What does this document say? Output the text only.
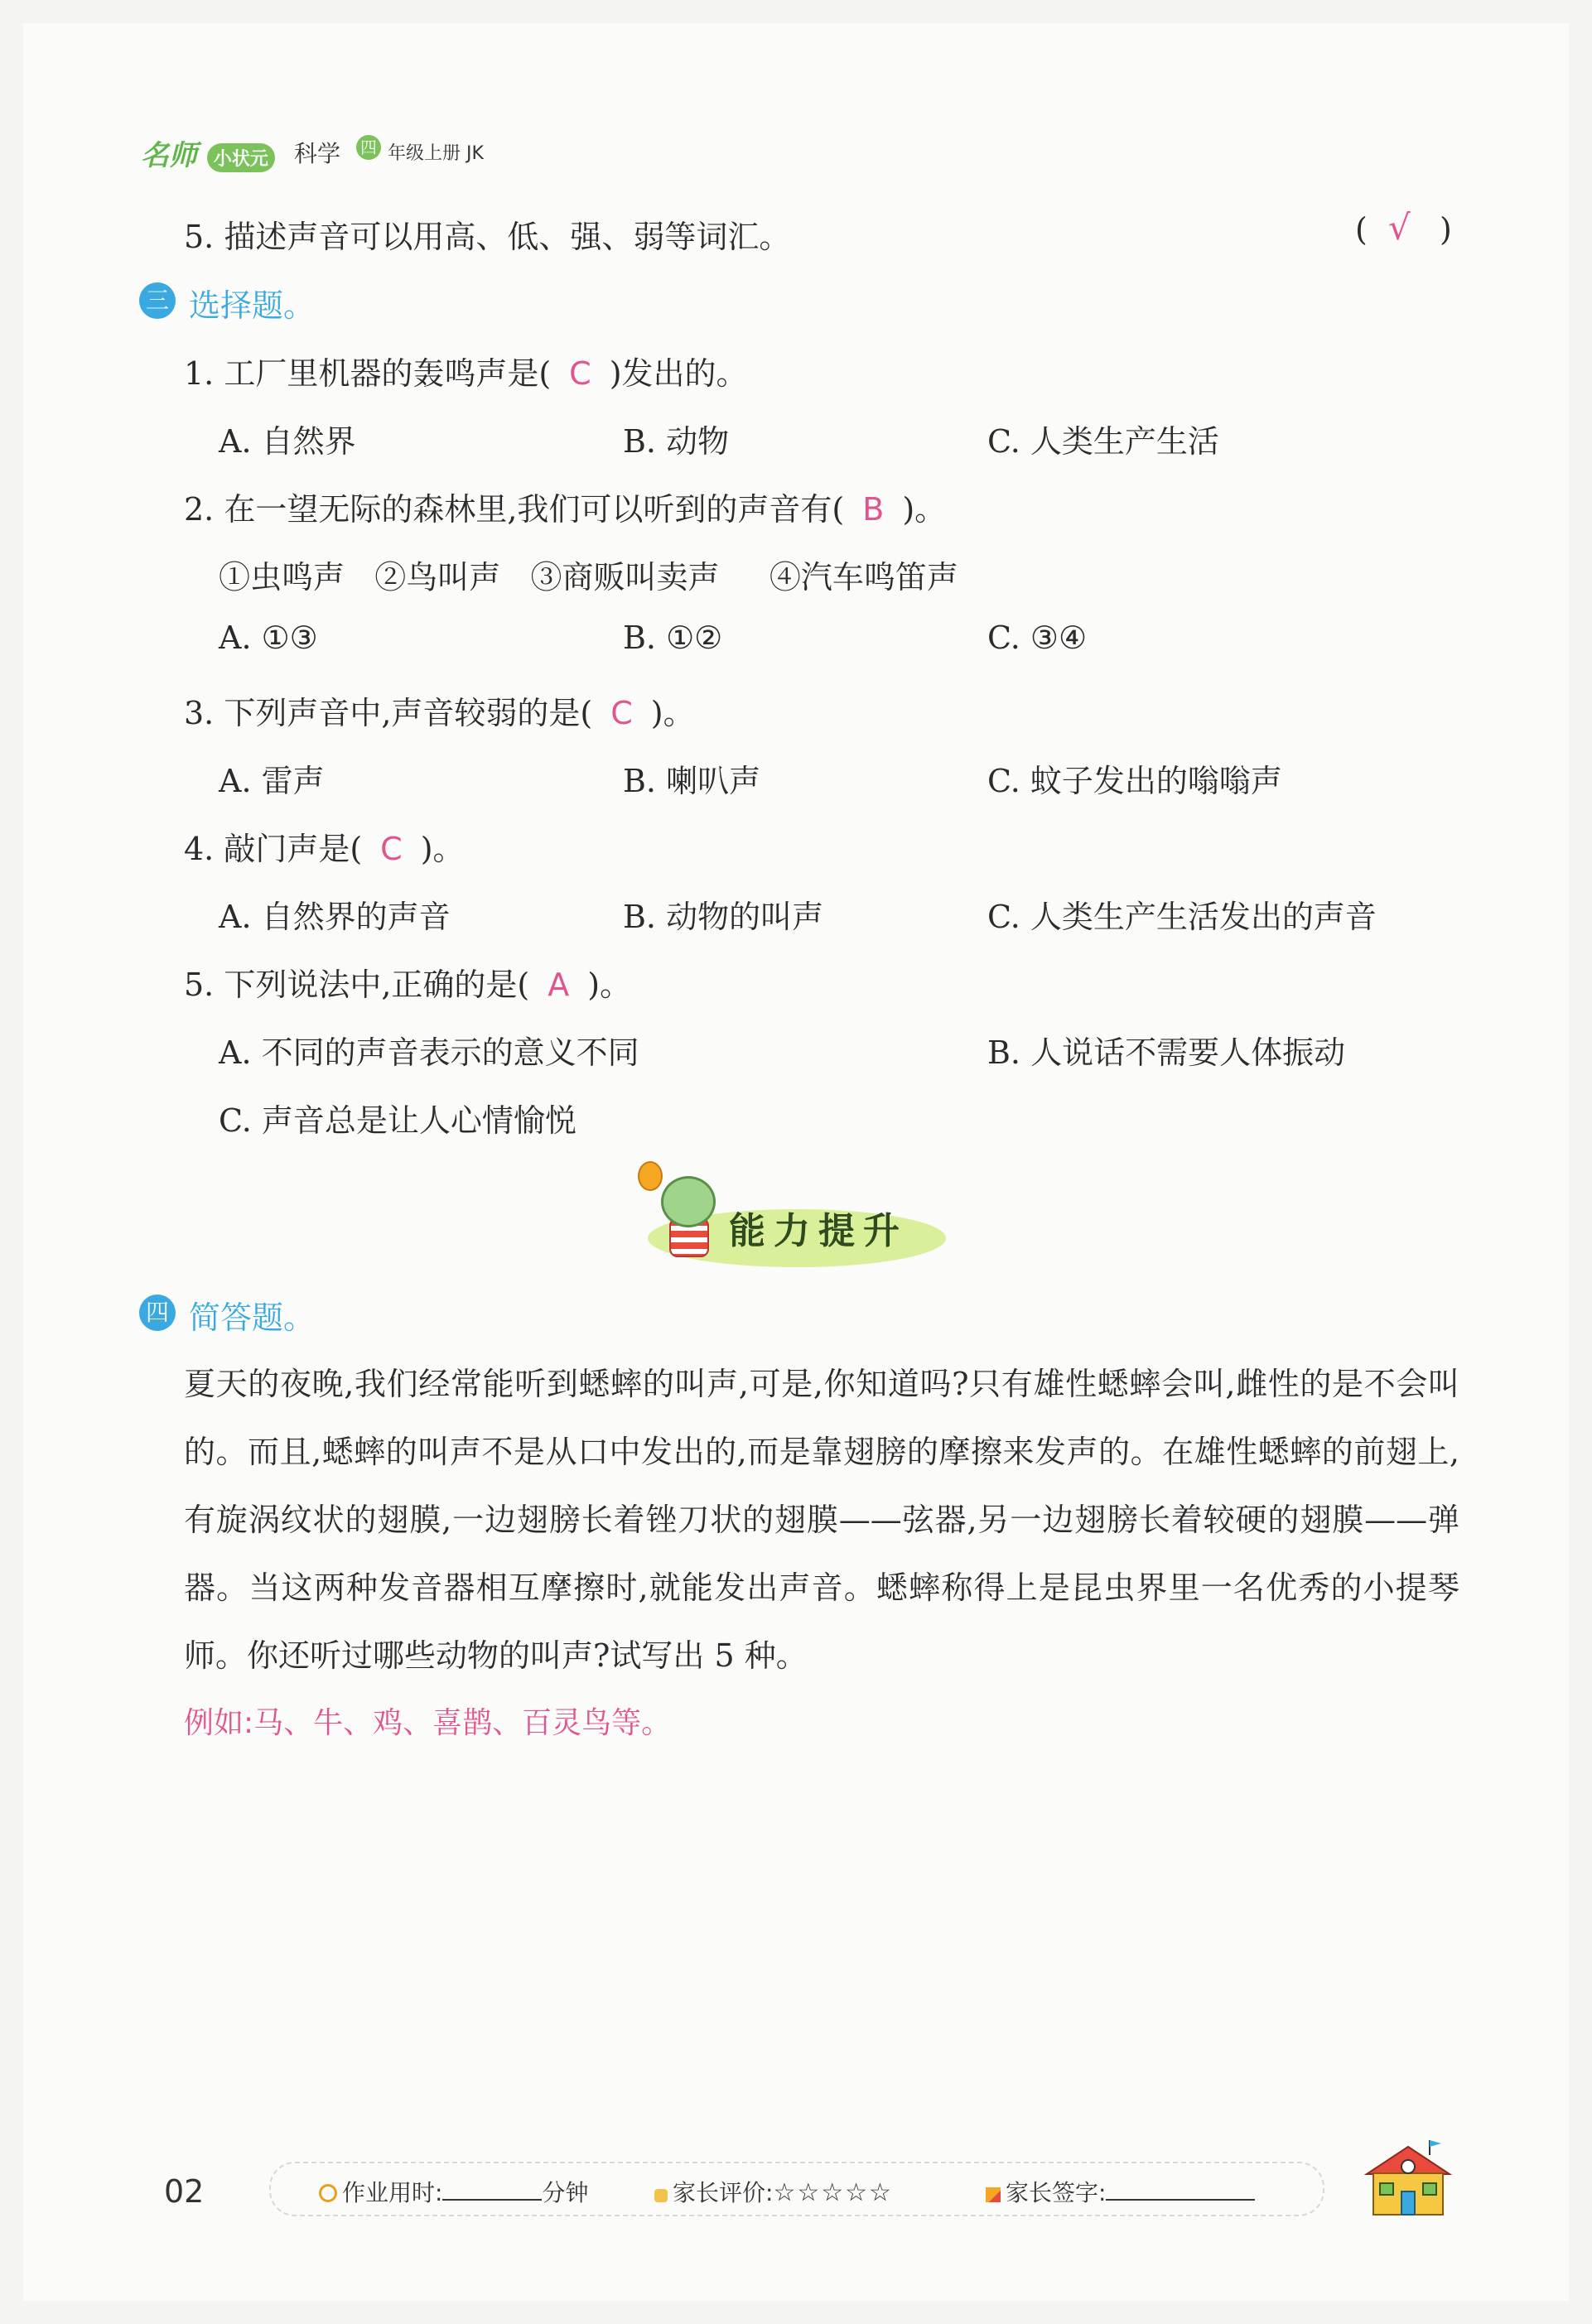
名师 小状元 科学 四 年级上册 JK
5. 描述声音可以用高、低、强、弱等词汇。	( √ )
三 选择题。
1. 工厂里机器的轰鸣声是( C )发出的。
A. 自然界	B. 动物	C. 人类生产生活
2. 在一望无际的森林里,我们可以听到的声音有( B )。
①虫鸣声   ②鸟叫声   ③商贩叫卖声     ④汽车鸣笛声
A. ①③	B. ①②	C. ③④
3. 下列声音中,声音较弱的是( C )。
A. 雷声	B. 喇叭声	C. 蚊子发出的嗡嗡声
4. 敲门声是( C )。
A. 自然界的声音	B. 动物的叫声	C. 人类生产生活发出的声音
5. 下列说法中,正确的是( A )。
A. 不同的声音表示的意义不同	B. 人说话不需要人体振动
C. 声音总是让人心情愉悦
能力提升
四 简答题。
夏天的夜晚,我们经常能听到蟋蟀的叫声,可是,你知道吗?只有雄性蟋蟀会叫,雌性的是不会叫的。而且,蟋蟀的叫声不是从口中发出的,而是靠翅膀的摩擦来发声的。在雄性蟋蟀的前翅上,有旋涡纹状的翅膜,一边翅膀长着锉刀状的翅膜——弦器,另一边翅膀长着较硬的翅膜——弹器。当这两种发音器相互摩擦时,就能发出声音。蟋蟀称得上是昆虫界里一名优秀的小提琴师。你还听过哪些动物的叫声?试写出 5 种。
例如:马、牛、鸡、喜鹊、百灵鸟等。
02	作业用时:	分钟	家长评价:☆☆☆☆☆	家长签字:
